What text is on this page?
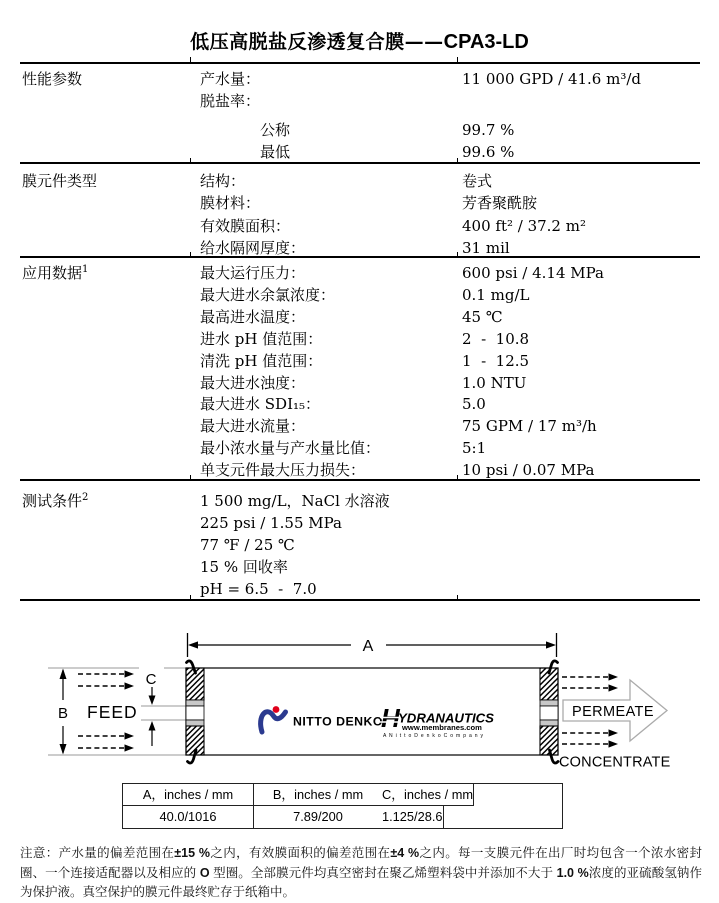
低压高脱盐反渗透复合膜——CPA3-LD
性能参数	产水量：	11 000 GPD / 41.6 m³/d
脱盐率：
　　　　公称	99.7 %
　　　　最低	99.6 %
膜元件类型	结构：	卷式
膜材料：	芳香聚酰胺
有效膜面积：	400 ft² / 37.2 m²
给水隔网厚度：	31 mil
应用数据$^1$	最大运行压力：	600 psi / 4.14 MPa
最大进水余氯浓度：	0.1 mg/L
最高进水温度：	45 ℃
进水 pH 值范围：	2  -  10.8
清洗 pH 值范围：	1  -  12.5
最大进水浊度：	1.0 NTU
最大进水 SDI₁₅：	5.0
最大进水流量：	75 GPM / 17 m³/h
最小浓水量与产水量比值：	5:1
单支元件最大压力损失：	10 psi / 0.07 MPa
测试条件$^2$	1 500 mg/L，NaCl 水溶液
225 psi / 1.55 MPa
77 ℉ / 25 ℃
15 % 回收率
pH = 6.5  -  7.0
A
B
C
FEED	NITTO DENKO
H
YDRANAUTICS
www.membranes.com
A N i t t o D e n k o C o m p a n y
PERMEATE
CONCENTRATE
A，inches / mm	B，inches / mm	C，inches / mm
40.0/1016	7.89/200	1.125/28.6
注意：产水量的偏差范围在±15 %之内，有效膜面积的偏差范围在±4 %之内。每一支膜元件在出厂时均包含一个浓水密封圈、一个连接适配器以及相应的 O 型圈。全部膜元件均真空密封在聚乙烯塑料袋中并添加不大于 1.0 %浓度的亚硫酸氢钠作为保护液。真空保护的膜元件最终贮存于纸箱中。
